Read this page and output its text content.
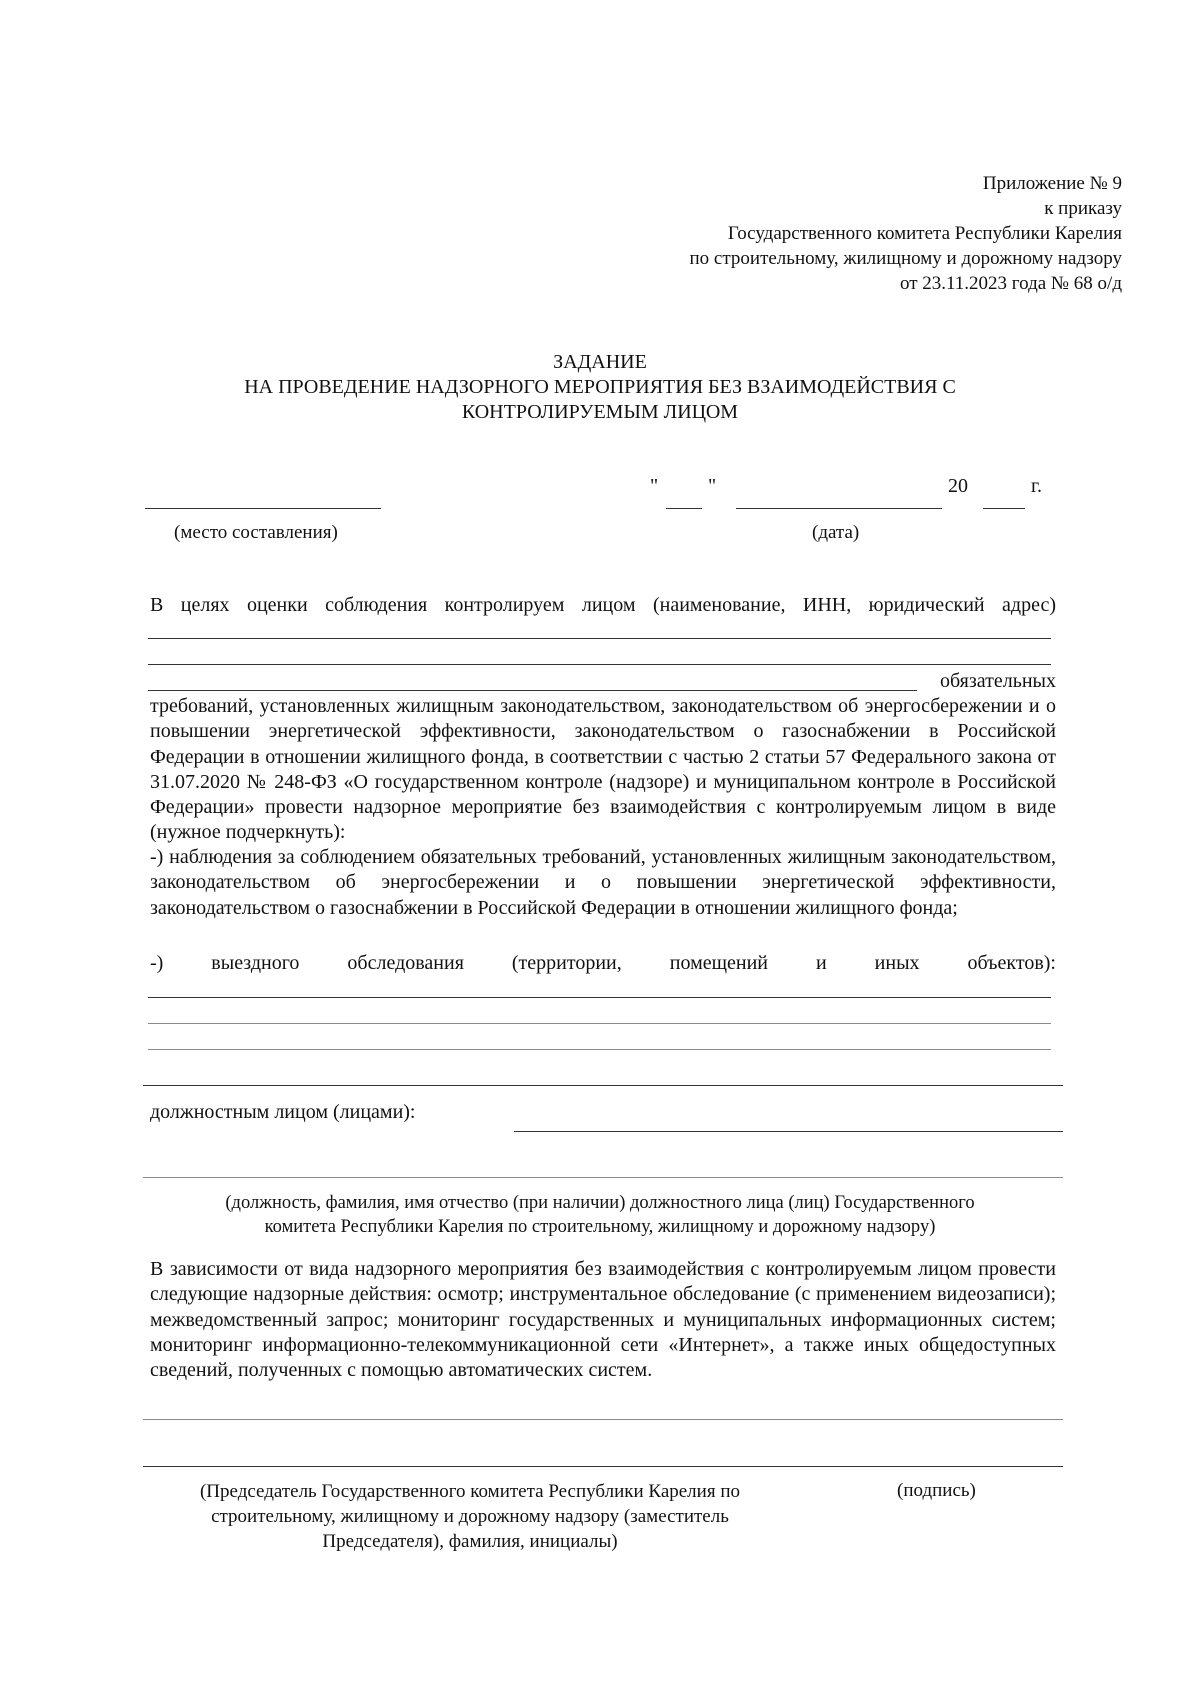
Приложение № 9
к приказу
Государственного комитета Республики Карелия
по строительному, жилищному и дорожному надзору
от 23.11.2023 года № 68 о/д
ЗАДАНИЕ
НА ПРОВЕДЕНИЕ НАДЗОРНОГО МЕРОПРИЯТИЯ БЕЗ ВЗАИМОДЕЙСТВИЯ С
КОНТРОЛИРУЕМЫМ ЛИЦОМ
" "	20	г.
(место составления)	(дата)
В целях оценки соблюдения контролируем лицом (наименование, ИНН, юридический адрес)
обязательных
требований, установленных жилищным законодательством, законодательством об энергосбережении и о повышении энергетической эффективности, законодательством о газоснабжении в Российской Федерации в отношении жилищного фонда, в соответствии с частью 2 статьи 57 Федерального закона от 31.07.2020 № 248-ФЗ «О государственном контроле (надзоре) и муниципальном контроле в Российской Федерации» провести надзорное мероприятие без взаимодействия с контролируемым лицом в виде (нужное подчеркнуть):
-) наблюдения за соблюдением обязательных требований, установленных жилищным законодательством, законодательством об энергосбережении и о повышении энергетической эффективности, законодательством о газоснабжении в Российской Федерации в отношении жилищного фонда;
-) выездного обследования (территории, помещений и иных объектов):
должностным лицом (лицами):
(должность, фамилия, имя отчество (при наличии) должностного лица (лиц) Государственного
комитета Республики Карелия по строительному, жилищному и дорожному надзору)
В зависимости от вида надзорного мероприятия без взаимодействия с контролируемым лицом провести следующие надзорные действия: осмотр; инструментальное обследование (с применением видеозаписи); межведомственный запрос; мониторинг государственных и муниципальных информационных систем; мониторинг информационно-телекоммуникационной сети «Интернет», а также иных общедоступных сведений, полученных с помощью автоматических систем.
(Председатель Государственного комитета Республики Карелия по
строительному, жилищному и дорожному надзору (заместитель
Председателя), фамилия, инициалы)
(подпись)
